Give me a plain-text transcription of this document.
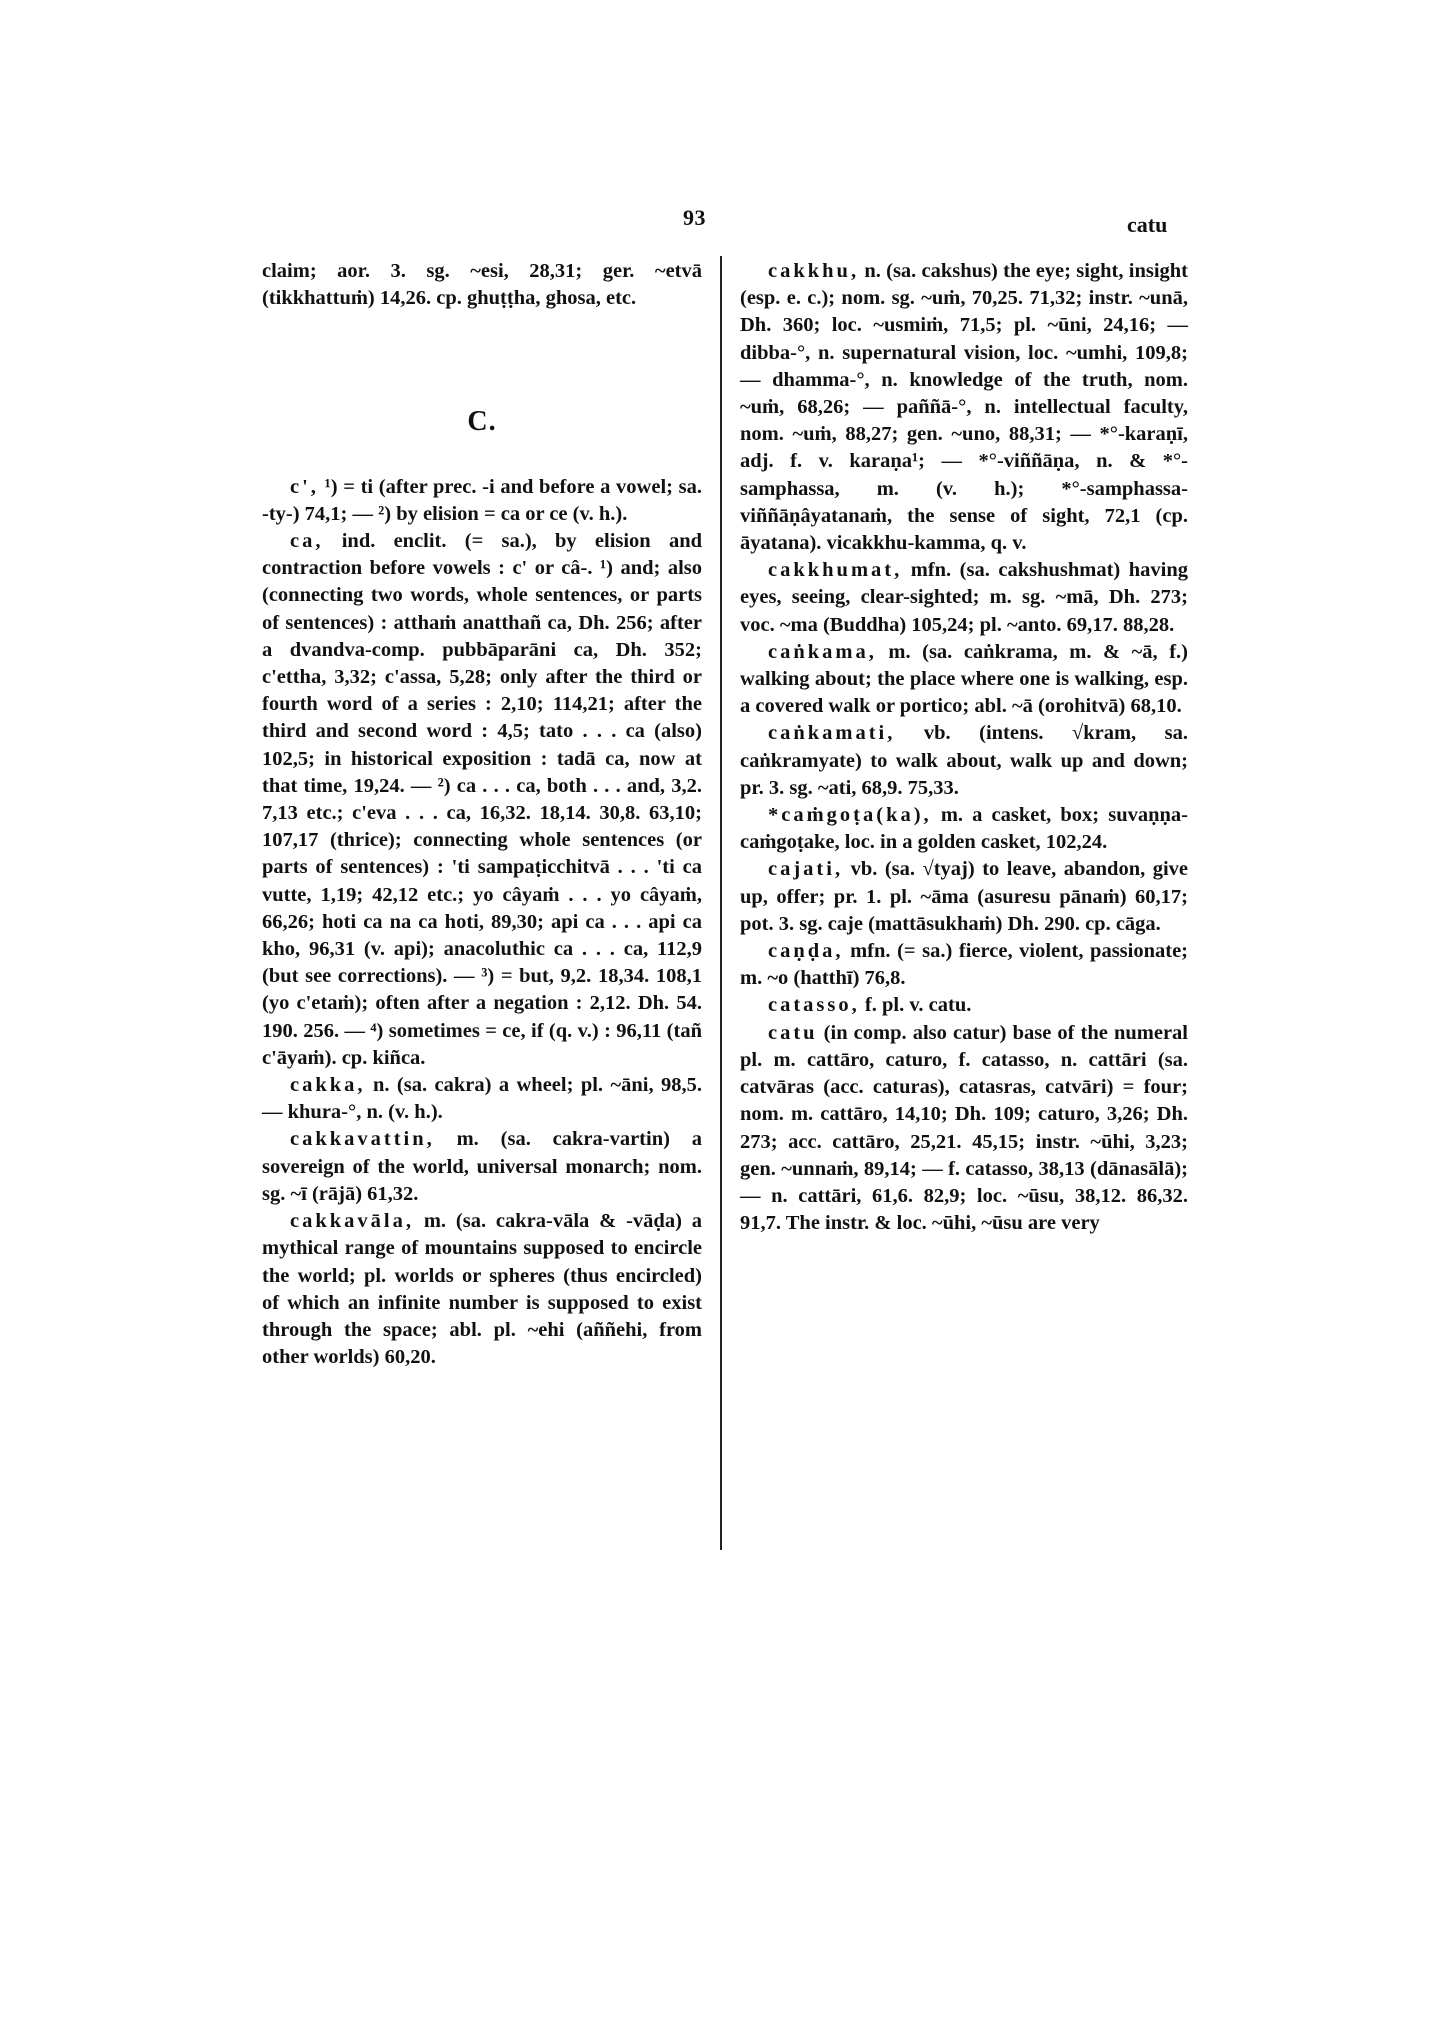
93	catu

claim; aor. 3. sg. ~esi, 28,31; ger. ~etvā (tikkhattuṁ) 14,26. cp. ghuṭṭha, ghosa, etc.

C.

c', ¹) = ti (after prec. -i and before a vowel; sa. -ty-) 74,1; — ²) by elision = ca or ce (v. h.).

ca, ind. enclit. (= sa.), by elision and contraction before vowels : c' or câ-. ¹) and; also (connecting two words, whole sentences, or parts of sentences) : atthaṁ anatthañ ca, Dh. 256; after a dvandva-comp. pubbāparāni ca, Dh. 352; c'ettha, 3,32; c'assa, 5,28; only after the third or fourth word of a series : 2,10; 114,21; after the third and second word : 4,5; tato . . . ca (also) 102,5; in historical exposition : tadā ca, now at that time, 19,24. — ²) ca . . . ca, both . . . and, 3,2. 7,13 etc.; c'eva . . . ca, 16,32. 18,14. 30,8. 63,10; 107,17 (thrice); connecting whole sentences (or parts of sentences) : 'ti sampaṭicchitvā . . . 'ti ca vutte, 1,19; 42,12 etc.; yo câyaṁ . . . yo câyaṁ, 66,26; hoti ca na ca hoti, 89,30; api ca . . . api ca kho, 96,31 (v. api); anacoluthic ca . . . ca, 112,9 (but see corrections). — ³) = but, 9,2. 18,34. 108,1 (yo c'etaṁ); often after a negation : 2,12. Dh. 54. 190. 256. — ⁴) sometimes = ce, if (q. v.) : 96,11 (tañ c'āyaṁ). cp. kiñca.

cakka, n. (sa. cakra) a wheel; pl. ~āni, 98,5. — khura-°, n. (v. h.).

cakkavattin, m. (sa. cakra-vartin) a sovereign of the world, universal monarch; nom. sg. ~ī (rājā) 61,32.

cakkavāla, m. (sa. cakra-vāla & -vāḍa) a mythical range of mountains supposed to encircle the world; pl. worlds or spheres (thus encircled) of which an infinite number is supposed to exist through the space; abl. pl. ~ehi (aññehi, from other worlds) 60,20.

cakkhu, n. (sa. cakshus) the eye; sight, insight (esp. e. c.); nom. sg. ~uṁ, 70,25. 71,32; instr. ~unā, Dh. 360; loc. ~usmiṁ, 71,5; pl. ~ūni, 24,16; — dibba-°, n. supernatural vision, loc. ~umhi, 109,8; — dhamma-°, n. knowledge of the truth, nom. ~uṁ, 68,26; — paññā-°, n. intellectual faculty, nom. ~uṁ, 88,27; gen. ~uno, 88,31; — *°-karaṇī, adj. f. v. karaṇa¹; — *°-viññāṇa, n. & *°-samphassa, m. (v. h.); *°-samphassa-viññāṇâyatanaṁ, the sense of sight, 72,1 (cp. āyatana). vicakkhu-kamma, q. v.

cakkhumat, mfn. (sa. cakshushmat) having eyes, seeing, clear-sighted; m. sg. ~mā, Dh. 273; voc. ~ma (Buddha) 105,24; pl. ~anto. 69,17. 88,28.

caṅkama, m. (sa. caṅkrama, m. & ~ā, f.) walking about; the place where one is walking, esp. a covered walk or portico; abl. ~ā (orohitvā) 68,10.

caṅkamati, vb. (intens. √kram, sa. caṅkramyate) to walk about, walk up and down; pr. 3. sg. ~ati, 68,9. 75,33.

*caṁgoṭa(ka), m. a casket, box; suvaṇṇa-caṁgoṭake, loc. in a golden casket, 102,24.

cajati, vb. (sa. √tyaj) to leave, abandon, give up, offer; pr. 1. pl. ~āma (asuresu pānaṁ) 60,17; pot. 3. sg. caje (mattāsukhaṁ) Dh. 290. cp. cāga.

caṇḍa, mfn. (= sa.) fierce, violent, passionate; m. ~o (hatthī) 76,8.

catasso, f. pl. v. catu.

catu (in comp. also catur) base of the numeral pl. m. cattāro, caturo, f. catasso, n. cattāri (sa. catvāras (acc. caturas), catasras, catvāri) = four; nom. m. cattāro, 14,10; Dh. 109; caturo, 3,26; Dh. 273; acc. cattāro, 25,21. 45,15; instr. ~ūhi, 3,23; gen. ~unnaṁ, 89,14; — f. catasso, 38,13 (dānasālā); — n. cattāri, 61,6. 82,9; loc. ~ūsu, 38,12. 86,32. 91,7. The instr. & loc. ~ūhi, ~ūsu are very
